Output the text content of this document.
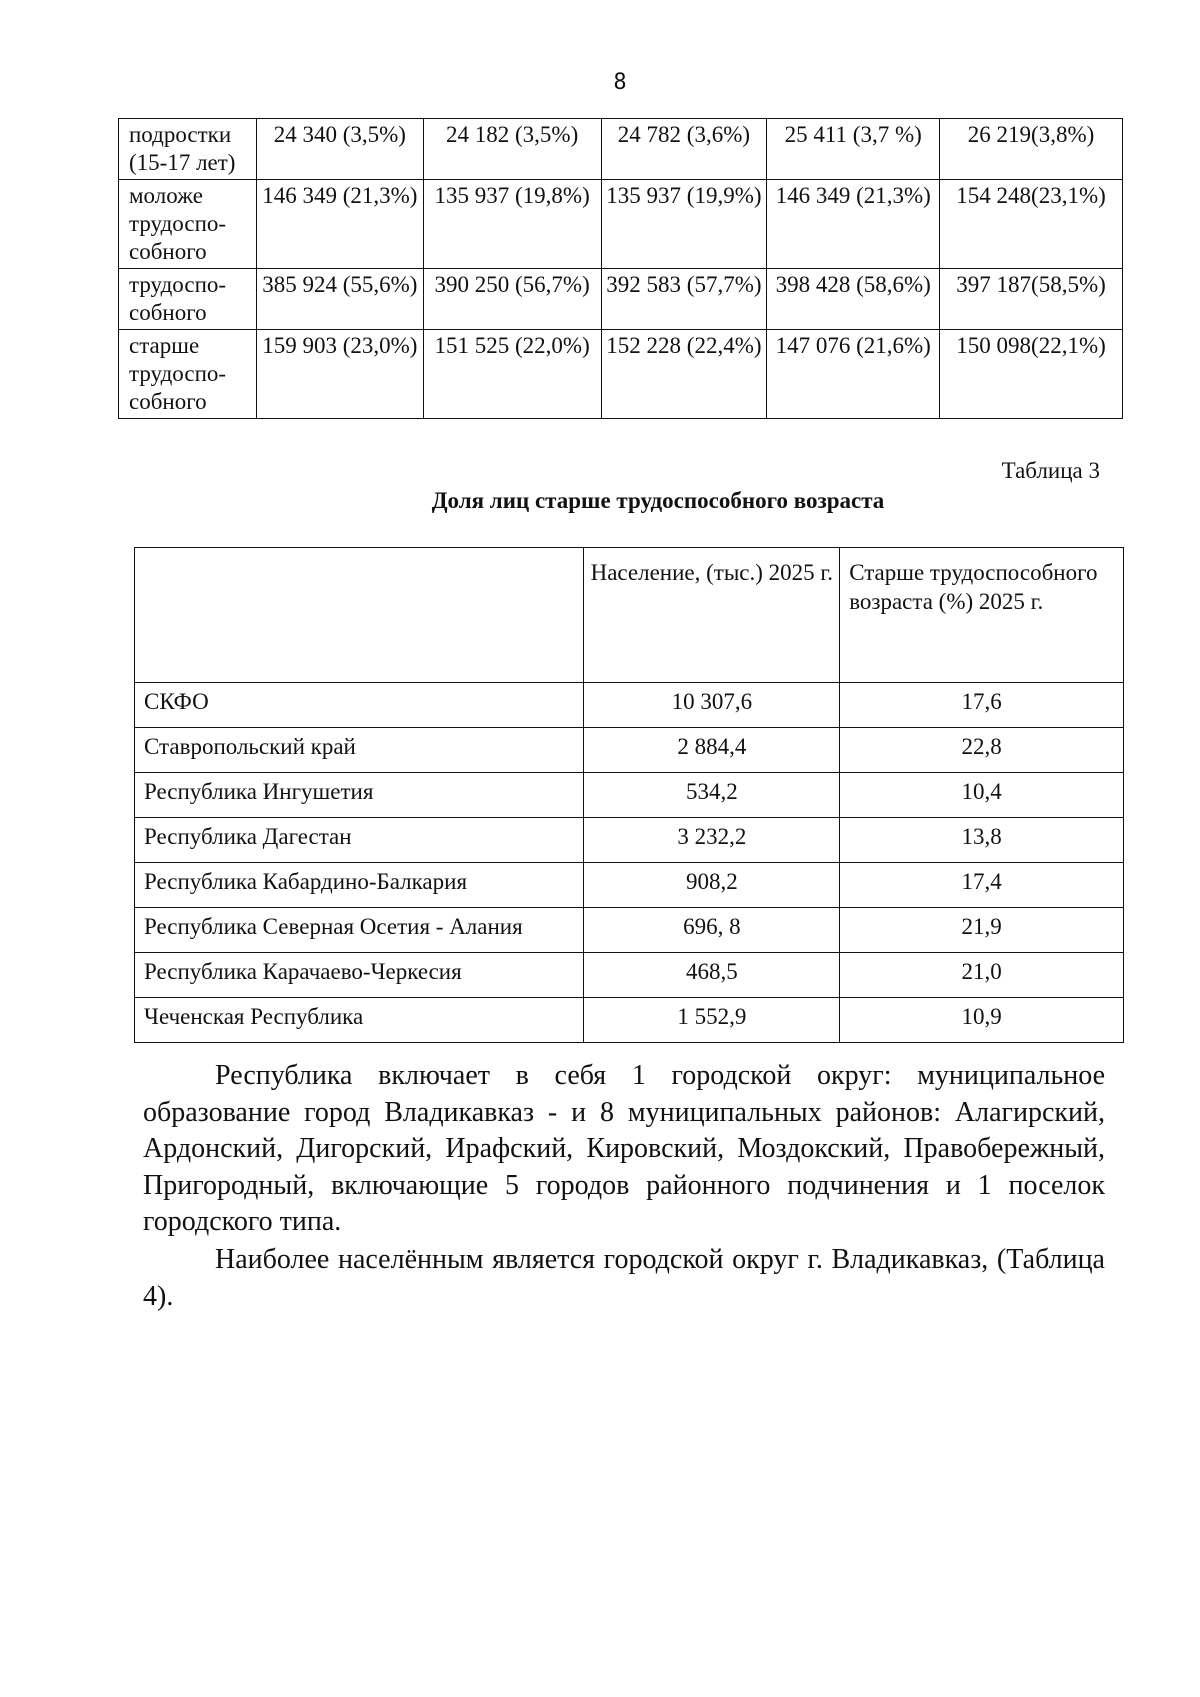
8
подростки (15-17 лет)	24 340 (3,5%)	24 182 (3,5%)	24 782 (3,6%)	25 411 (3,7 %)	26 219(3,8%)
моложе трудоспо-собного	146 349 (21,3%)	135 937 (19,8%)	135 937 (19,9%)	146 349 (21,3%)	154 248(23,1%)
трудоспо-собного	385 924 (55,6%)	390 250 (56,7%)	392 583 (57,7%)	398 428 (58,6%)	397 187(58,5%)
старше трудоспо-собного	159 903 (23,0%)	151 525 (22,0%)	152 228 (22,4%)	147 076 (21,6%)	150 098(22,1%)
Таблица 3
Доля лиц старше трудоспособного возраста
	Население, (тыс.) 2025 г.	Старше трудоспособного возраста (%) 2025 г.
СКФО	10 307,6	17,6
Ставропольский край	2 884,4	22,8
Республика Ингушетия	534,2	10,4
Республика Дагестан	3 232,2	13,8
Республика Кабардино-Балкария	908,2	17,4
Республика Северная Осетия - Алания	696, 8	21,9
Республика Карачаево-Черкесия	468,5	21,0
Чеченская Республика	1 552,9	10,9

Республика включает в себя 1 городской округ: муниципальное образование город Владикавказ - и 8 муниципальных районов: Алагирский, Ардонский, Дигорский, Ирафский, Кировский, Моздокский, Правобережный, Пригородный, включающие 5 городов районного подчинения и 1 поселок городского типа.

Наиболее населённым является городской округ г. Владикавказ, (Таблица 4).
